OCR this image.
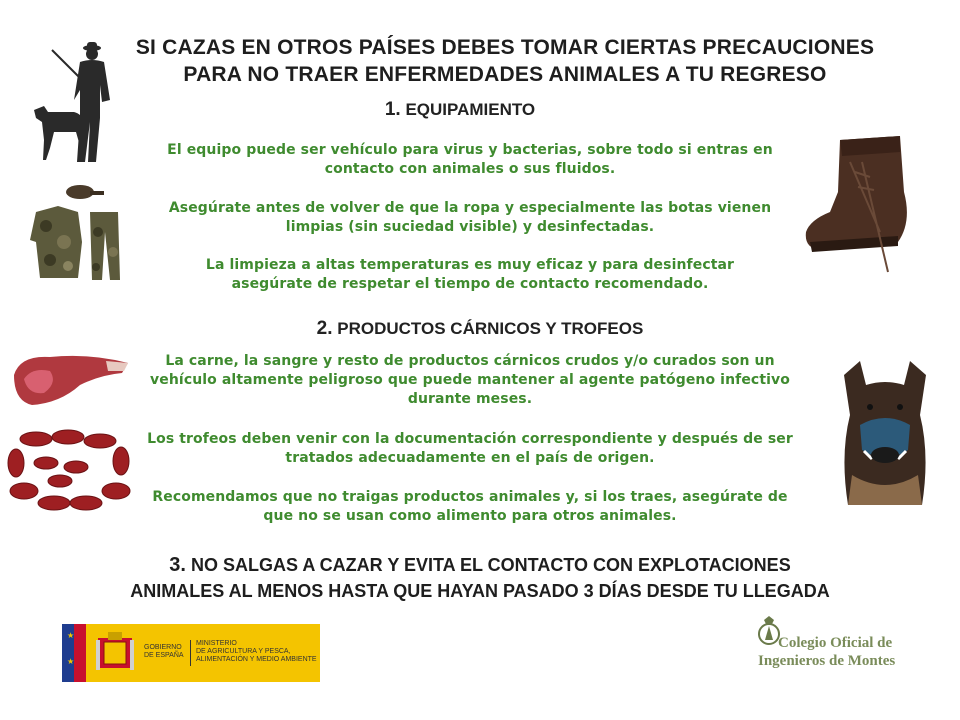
SI CAZAS EN OTROS PAÍSES DEBES TOMAR CIERTAS PRECAUCIONES
PARA NO TRAER ENFERMEDADES ANIMALES A TU REGRESO
1. EQUIPAMIENTO
El equipo puede ser vehículo para virus y bacterias, sobre todo si entras en contacto con animales o sus fluidos.
Asegúrate antes de volver de que la ropa y especialmente las botas vienen limpias (sin suciedad visible) y desinfectadas.
La limpieza a altas temperaturas es muy eficaz y para desinfectar asegúrate de respetar el tiempo de contacto recomendado.
2. PRODUCTOS CÁRNICOS Y TROFEOS
La carne, la sangre y resto de productos cárnicos crudos y/o curados son un vehículo altamente peligroso que puede mantener al agente patógeno infectivo durante meses.
Los trofeos deben venir con la documentación correspondiente y después de ser tratados adecuadamente en el país de origen.
Recomendamos que no traigas productos animales y, si los traes, asegúrate de que no se usan como alimento para otros animales.
3. NO SALGAS A CAZAR Y EVITA EL CONTACTO CON EXPLOTACIONES
ANIMALES AL MENOS HASTA QUE HAYAN PASADO 3 DÍAS DESDE TU LLEGADA
★
★
GOBIERNO
DE ESPAÑA
MINISTERIO
DE AGRICULTURA Y PESCA,
ALIMENTACIÓN Y MEDIO AMBIENTE
Colegio Oficial de
Ingenieros de Montes
